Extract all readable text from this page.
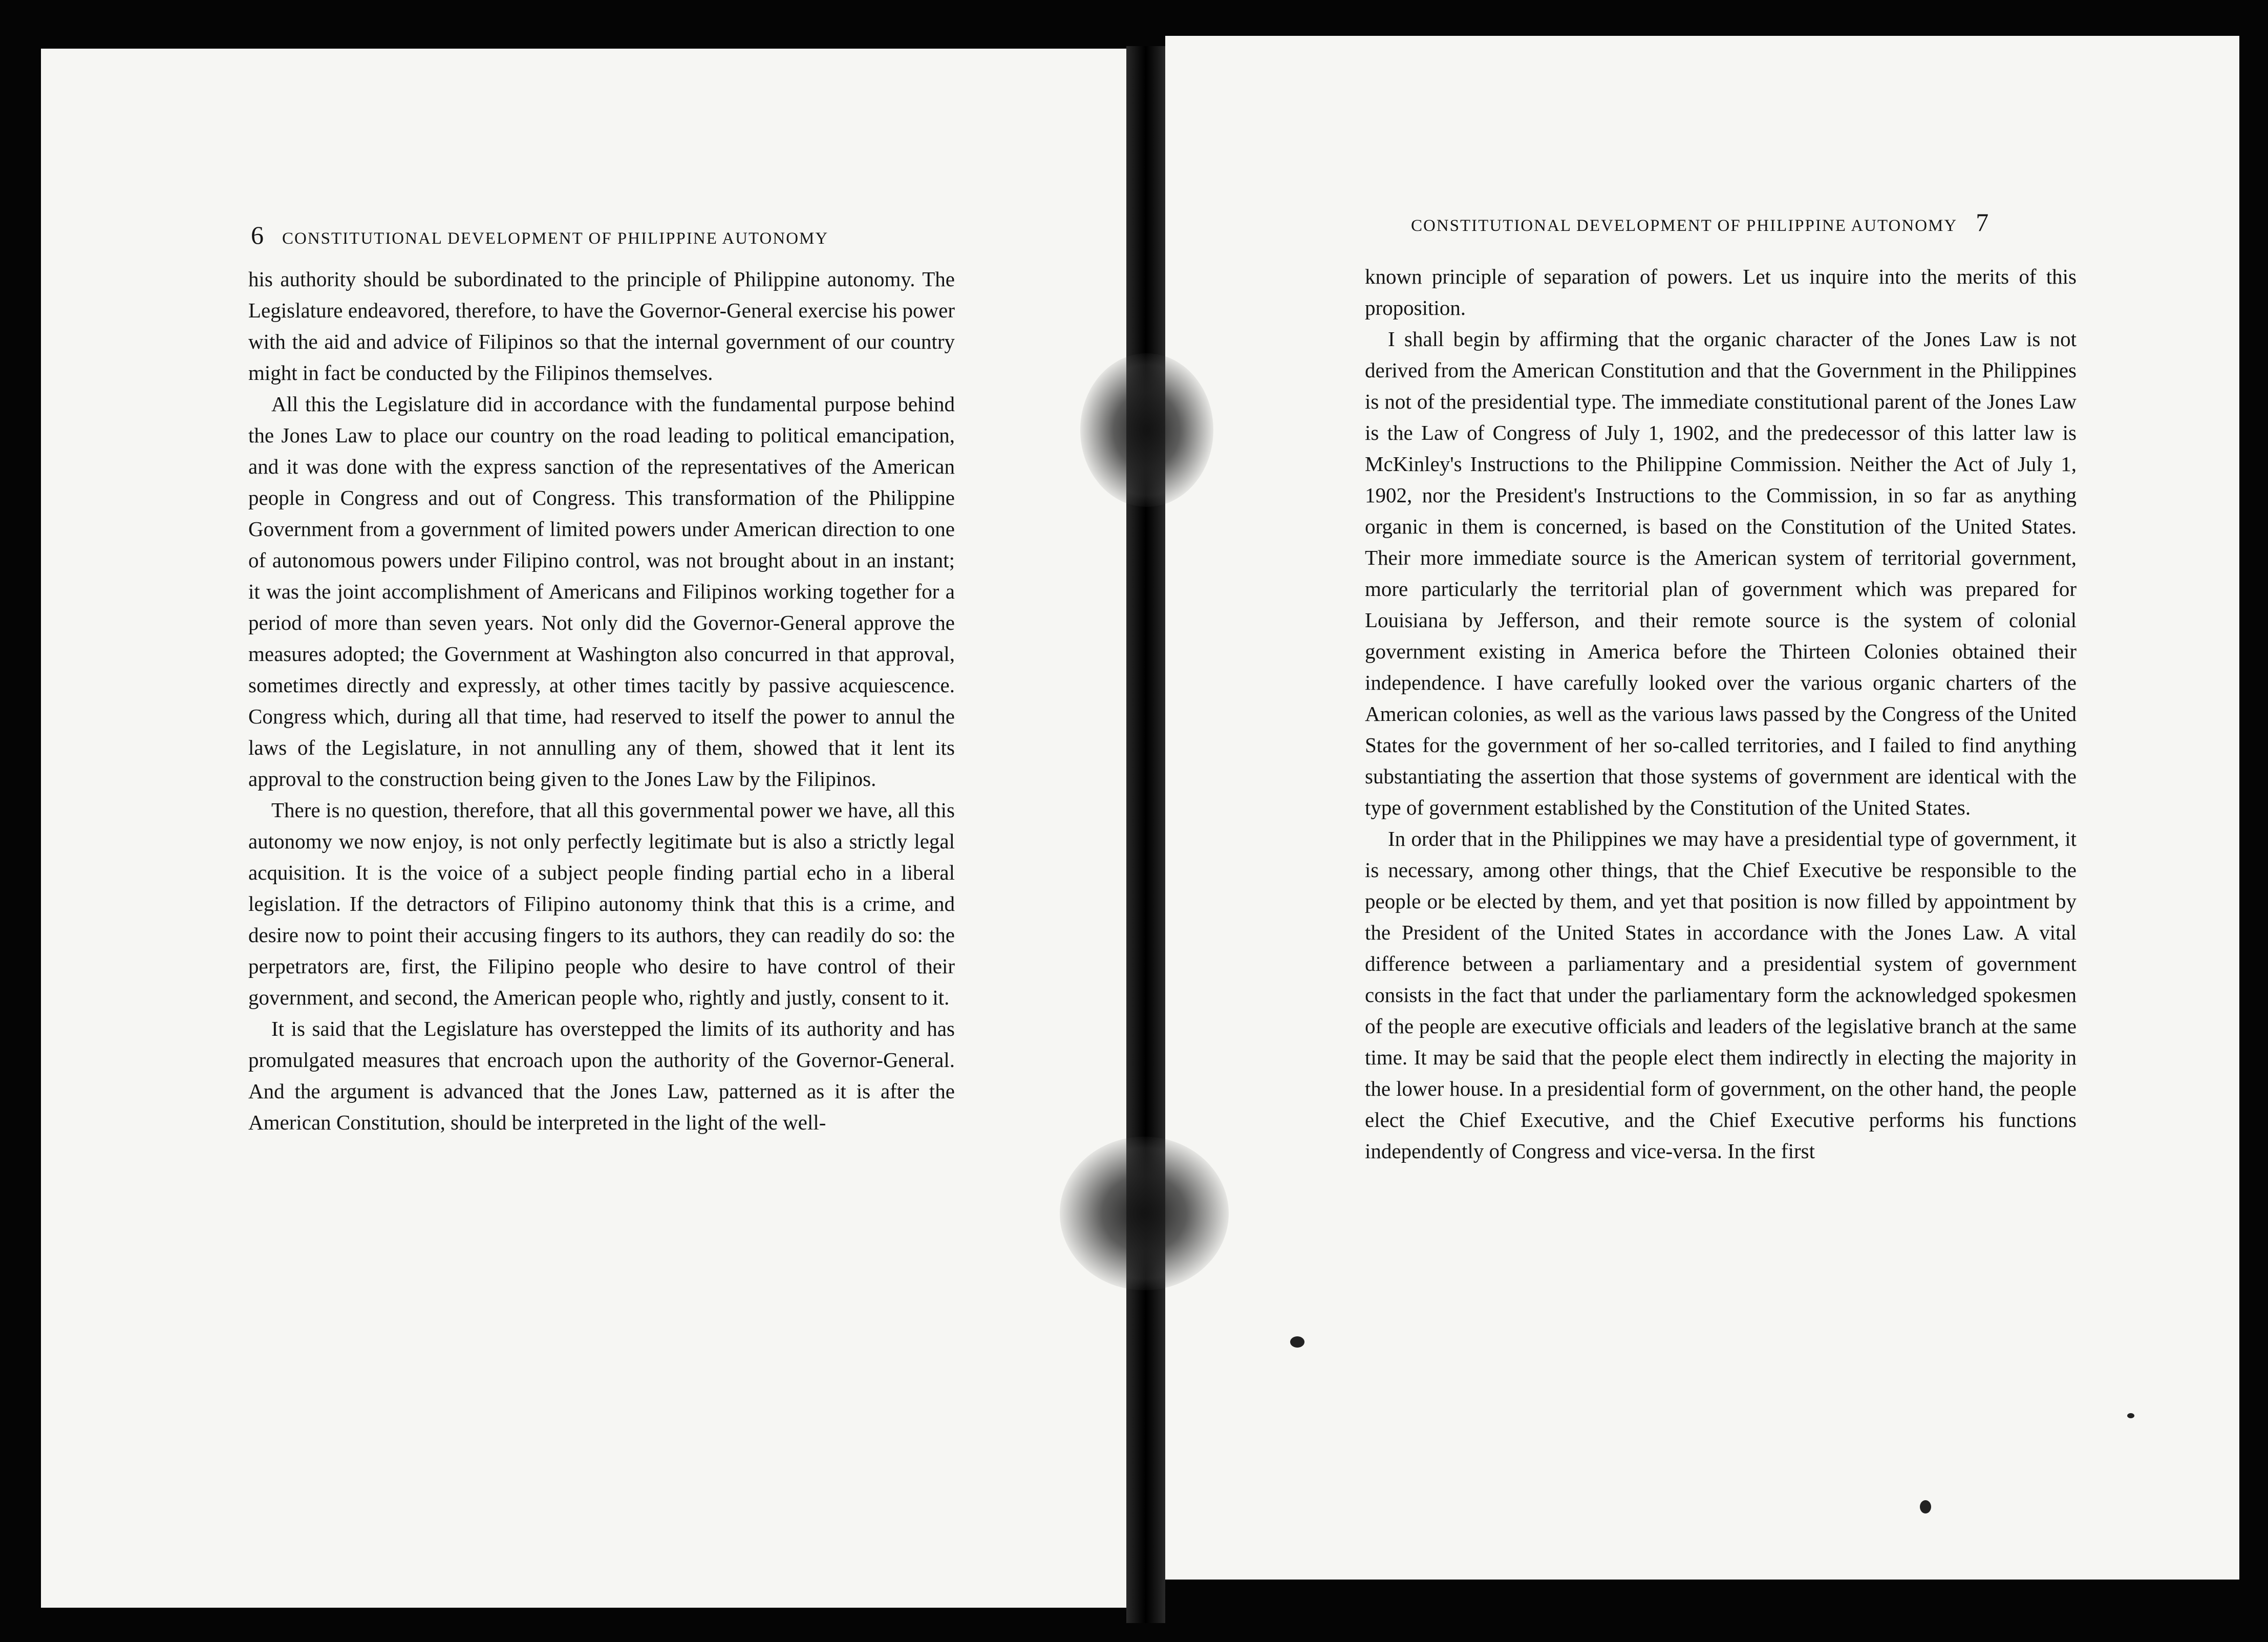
6 CONSTITUTIONAL DEVELOPMENT OF PHILIPPINE AUTONOMY

his authority should be subordinated to the principle of Philippine autonomy. The Legislature endeavored, therefore, to have the Governor-General exercise his power with the aid and advice of Filipinos so that the internal government of our country might in fact be conducted by the Filipinos themselves.

All this the Legislature did in accordance with the fundamental purpose behind the Jones Law to place our country on the road leading to political emancipation, and it was done with the express sanction of the representatives of the American people in Congress and out of Congress. This transformation of the Philippine Government from a government of limited powers under American direction to one of autonomous powers under Filipino control, was not brought about in an instant; it was the joint accomplishment of Americans and Filipinos working together for a period of more than seven years. Not only did the Governor-General approve the measures adopted; the Government at Washington also concurred in that approval, sometimes directly and expressly, at other times tacitly by passive acquiescence. Congress which, during all that time, had reserved to itself the power to annul the laws of the Legislature, in not annulling any of them, showed that it lent its approval to the construction being given to the Jones Law by the Filipinos.

There is no question, therefore, that all this governmental power we have, all this autonomy we now enjoy, is not only perfectly legitimate but is also a strictly legal acquisition. It is the voice of a subject people finding partial echo in a liberal legislation. If the detractors of Filipino autonomy think that this is a crime, and desire now to point their accusing fingers to its authors, they can readily do so: the perpetrators are, first, the Filipino people who desire to have control of their government, and second, the American people who, rightly and justly, consent to it.

It is said that the Legislature has overstepped the limits of its authority and has promulgated measures that encroach upon the authority of the Governor-General. And the argument is advanced that the Jones Law, patterned as it is after the American Constitution, should be interpreted in the light of the well-

CONSTITUTIONAL DEVELOPMENT OF PHILIPPINE AUTONOMY 7

known principle of separation of powers. Let us inquire into the merits of this proposition.

I shall begin by affirming that the organic character of the Jones Law is not derived from the American Constitution and that the Government in the Philippines is not of the presidential type. The immediate constitutional parent of the Jones Law is the Law of Congress of July 1, 1902, and the predecessor of this latter law is McKinley's Instructions to the Philippine Commission. Neither the Act of July 1, 1902, nor the President's Instructions to the Commission, in so far as anything organic in them is concerned, is based on the Constitution of the United States. Their more immediate source is the American system of territorial government, more particularly the territorial plan of government which was prepared for Louisiana by Jefferson, and their remote source is the system of colonial government existing in America before the Thirteen Colonies obtained their independence. I have carefully looked over the various organic charters of the American colonies, as well as the various laws passed by the Congress of the United States for the government of her so-called territories, and I failed to find anything substantiating the assertion that those systems of government are identical with the type of government established by the Constitution of the United States.

In order that in the Philippines we may have a presidential type of government, it is necessary, among other things, that the Chief Executive be responsible to the people or be elected by them, and yet that position is now filled by appointment by the President of the United States in accordance with the Jones Law. A vital difference between a parliamentary and a presidential system of government consists in the fact that under the parliamentary form the acknowledged spokesmen of the people are executive officials and leaders of the legislative branch at the same time. It may be said that the people elect them indirectly in electing the majority in the lower house. In a presidential form of government, on the other hand, the people elect the Chief Executive, and the Chief Executive performs his functions independently of Congress and vice-versa. In the first
